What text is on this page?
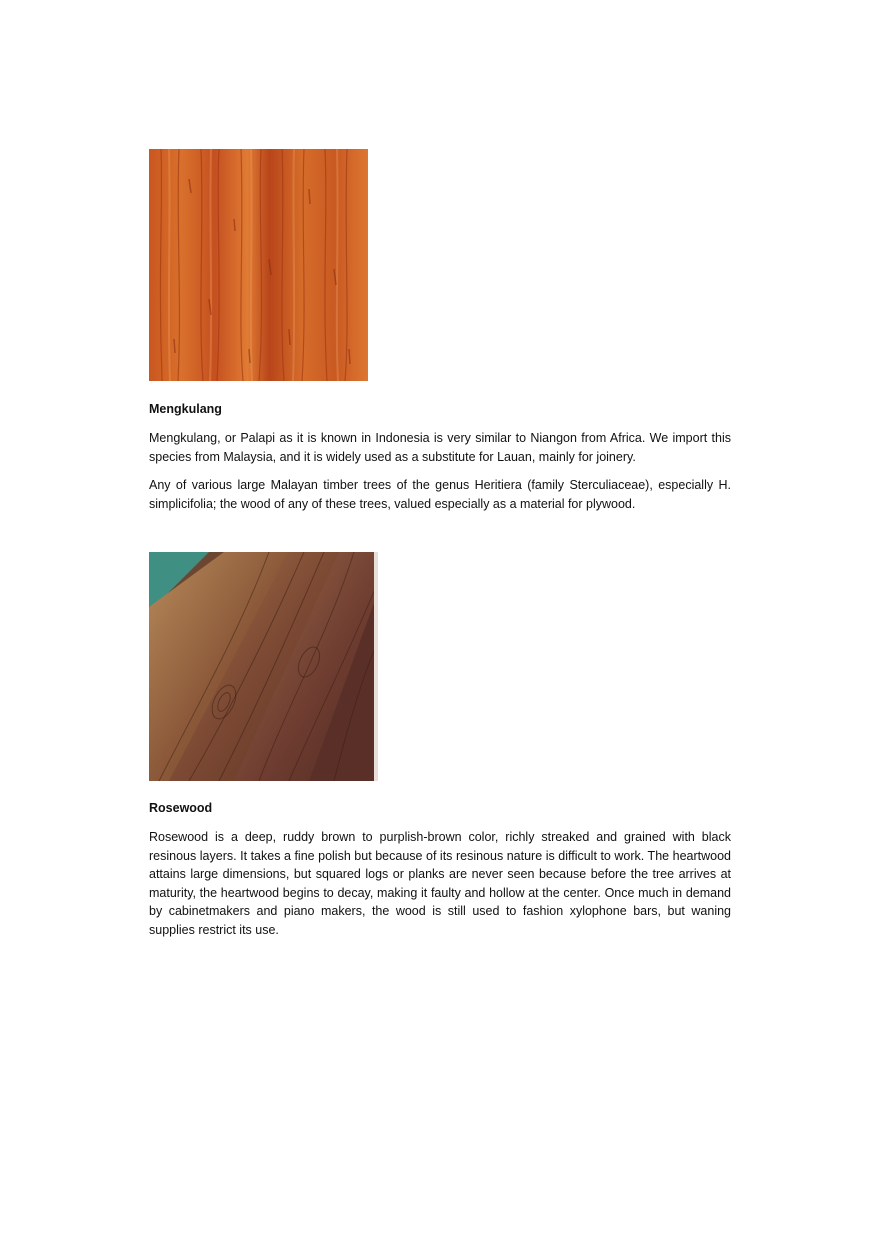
Mengkulang

Mengkulang, or Palapi as it is known in Indonesia is very similar to Niangon from Africa. We import this species from Malaysia, and it is widely used as a substitute for Lauan, mainly for joinery.

Any of various large Malayan timber trees of the genus Heritiera (family Sterculiaceae), especially H. simplicifolia; the wood of any of these trees, valued especially as a material for plywood.

Rosewood

Rosewood is a deep, ruddy brown to purplish-brown color, richly streaked and grained with black resinous layers. It takes a fine polish but because of its resinous nature is difficult to work. The heartwood attains large dimensions, but squared logs or planks are never seen because before the tree arrives at maturity, the heartwood begins to decay, making it faulty and hollow at the center. Once much in demand by cabinetmakers and piano makers, the wood is still used to fashion xylophone bars, but waning supplies restrict its use.
